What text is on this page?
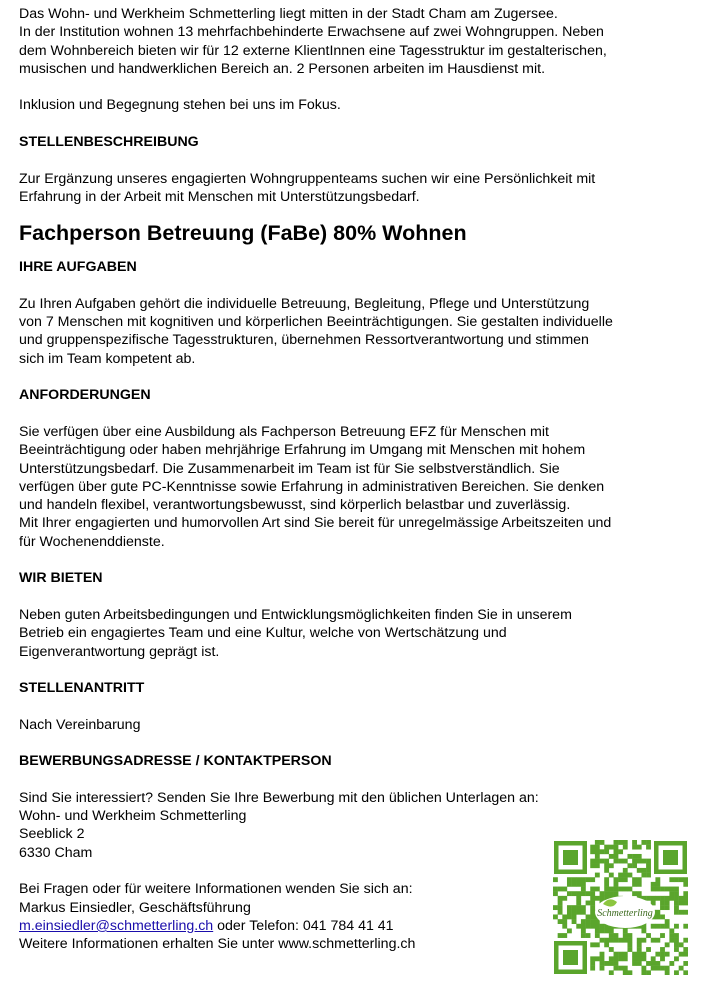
Das Wohn- und Werkheim Schmetterling liegt mitten in der Stadt Cham am Zugersee.
In der Institution wohnen 13 mehrfachbehinderte Erwachsene auf zwei Wohngruppen. Neben
dem Wohnbereich bieten wir für 12 externe KlientInnen eine Tagesstruktur im gestalterischen,
musischen und handwerklichen Bereich an. 2 Personen arbeiten im Hausdienst mit.

Inklusion und Begegnung stehen bei uns im Fokus.

STELLENBESCHREIBUNG

Zur Ergänzung unseres engagierten Wohngruppenteams suchen wir eine Persönlichkeit mit
Erfahrung in der Arbeit mit Menschen mit Unterstützungsbedarf.

Fachperson Betreuung (FaBe) 80% Wohnen
IHRE AUFGABEN

Zu Ihren Aufgaben gehört die individuelle Betreuung, Begleitung, Pflege und Unterstützung
von 7 Menschen mit kognitiven und körperlichen Beeinträchtigungen. Sie gestalten individuelle
und gruppenspezifische Tagesstrukturen, übernehmen Ressortverantwortung und stimmen
sich im Team kompetent ab.

ANFORDERUNGEN

Sie verfügen über eine Ausbildung als Fachperson Betreuung EFZ für Menschen mit
Beeinträchtigung oder haben mehrjährige Erfahrung im Umgang mit Menschen mit hohem
Unterstützungsbedarf. Die Zusammenarbeit im Team ist für Sie selbstverständlich. Sie
verfügen über gute PC-Kenntnisse sowie Erfahrung in administrativen Bereichen. Sie denken
und handeln flexibel, verantwortungsbewusst, sind körperlich belastbar und zuverlässig.
Mit Ihrer engagierten und humorvollen Art sind Sie bereit für unregelmässige Arbeitszeiten und
für Wochenenddienste.

WIR BIETEN

Neben guten Arbeitsbedingungen und Entwicklungsmöglichkeiten finden Sie in unserem
Betrieb ein engagiertes Team und eine Kultur, welche von Wertschätzung und
Eigenverantwortung geprägt ist.

STELLENANTRITT

Nach Vereinbarung

BEWERBUNGSADRESSE / KONTAKTPERSON

Sind Sie interessiert? Senden Sie Ihre Bewerbung mit den üblichen Unterlagen an:
Wohn- und Werkheim Schmetterling
Seeblick 2
6330 Cham

Bei Fragen oder für weitere Informationen wenden Sie sich an:
Markus Einsiedler, Geschäftsführung

m.einsiedler@schmetterling.ch oder Telefon: 041 784 41 41

Weitere Informationen erhalten Sie unter www.schmetterling.ch

Schmetterling
